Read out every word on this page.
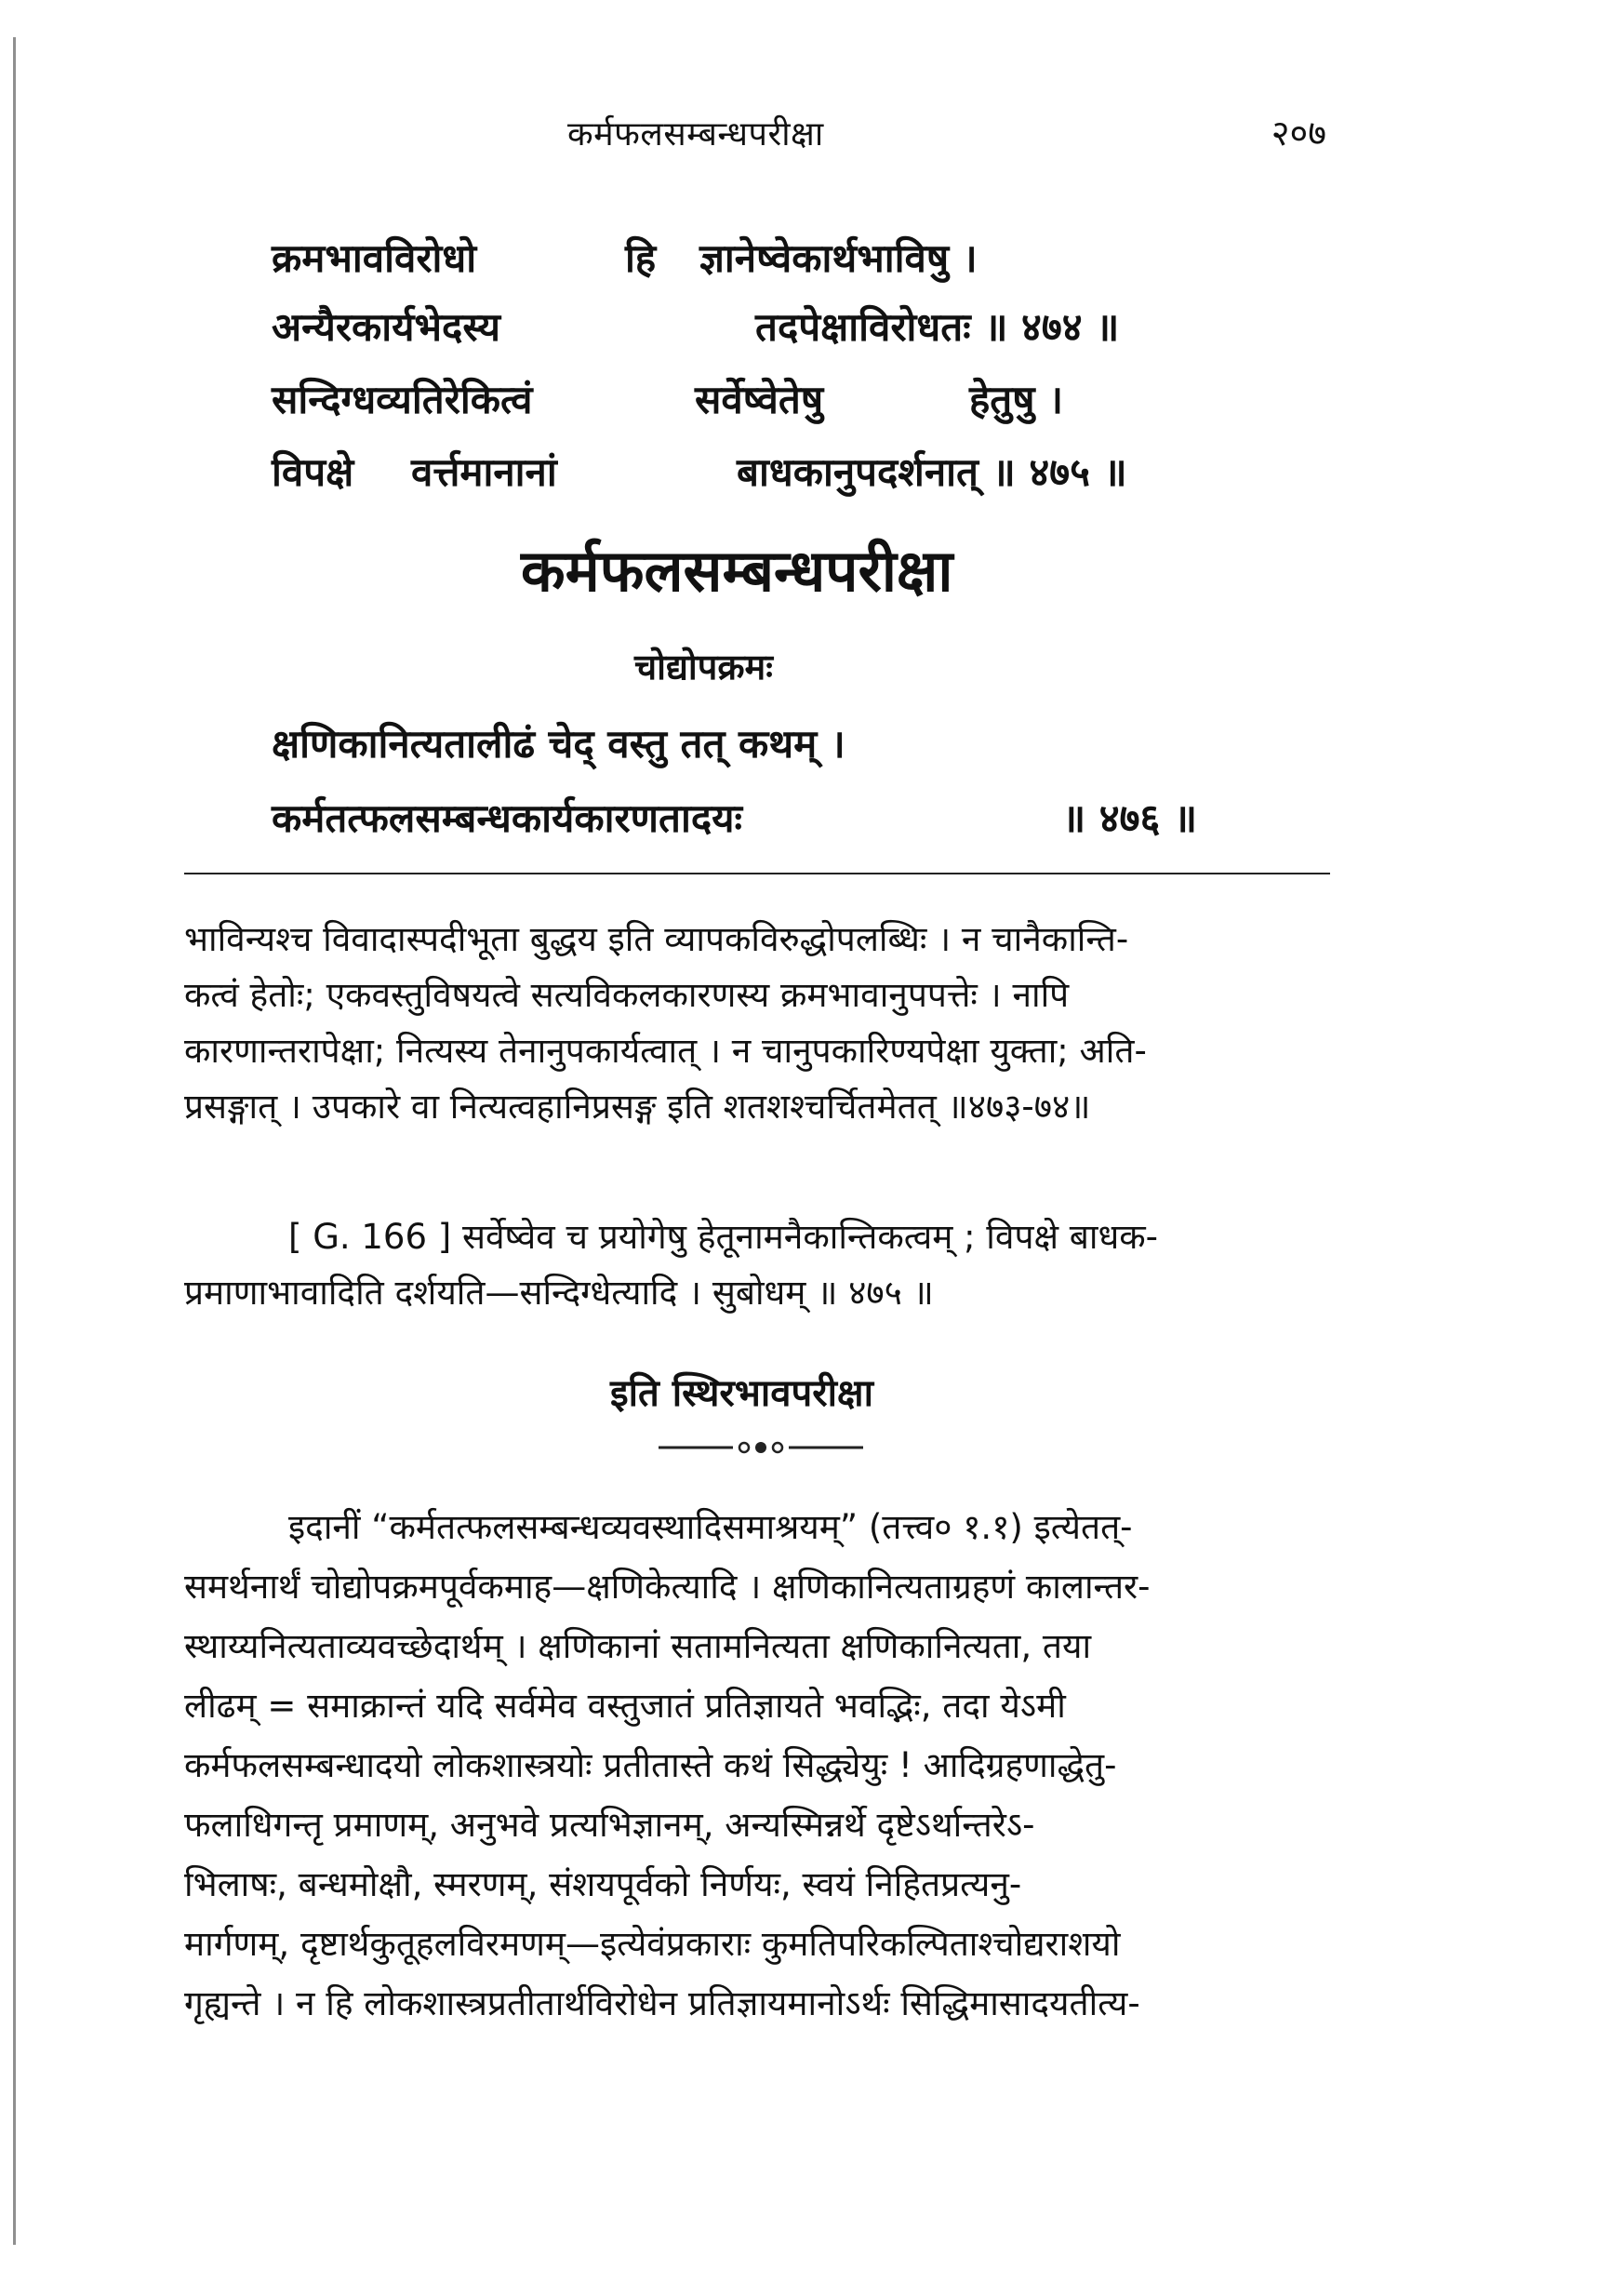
कर्मफलसम्बन्धपरीक्षा	२०७
क्रमभावविरोधो	हि ज्ञानेष्वेकार्थभाविषु ।
अन्यैरकार्यभेदस्य	तदपेक्षाविरोधतः ॥ ४७४ ॥
सन्दिग्धव्यतिरेकित्वं	सर्वेष्वेतेषु	हेतुषु ।
विपक्षे वर्त्तमानानां	बाधकानुपदर्शनात् ॥ ४७५ ॥
कर्मफलसम्बन्धपरीक्षा
चोद्योपक्रमः
क्षणिकानित्यतालीढं चेद् वस्तु तत् कथम् ।
कर्मतत्फलसम्बन्धकार्यकारणतादयः	॥ ४७६ ॥
भाविन्यश्च विवादास्पदीभूता बुद्धय इति व्यापकविरुद्धोपलब्धिः । न चानैकान्ति-
कत्वं हेतोः; एकवस्तुविषयत्वे सत्यविकलकारणस्य क्रमभावानुपपत्तेः । नापि
कारणान्तरापेक्षा; नित्यस्य तेनानुपकार्यत्वात् । न चानुपकारिण्यपेक्षा युक्ता; अति-
प्रसङ्गात् । उपकारे वा नित्यत्वहानिप्रसङ्ग इति शतशश्चर्चितमेतत् ॥४७३-७४॥
[ G. 166 ] सर्वेष्वेव च प्रयोगेषु हेतूनामनैकान्तिकत्वम् ; विपक्षे बाधक-
प्रमाणाभावादिति दर्शयति—सन्दिग्धेत्यादि । सुबोधम् ॥ ४७५ ॥
इति स्थिरभावपरीक्षा
इदानीं “कर्मतत्फलसम्बन्धव्यवस्थादिसमाश्रयम्” (तत्त्व० १.१) इत्येतत्-
समर्थनार्थं चोद्योपक्रमपूर्वकमाह—क्षणिकेत्यादि । क्षणिकानित्यताग्रहणं कालान्तर-
स्थाय्यनित्यताव्यवच्छेदार्थम् । क्षणिकानां सतामनित्यता क्षणिकानित्यता, तया
लीढम् = समाक्रान्तं यदि सर्वमेव वस्तुजातं प्रतिज्ञायते भवद्भिः, तदा येऽमी
कर्मफलसम्बन्धादयो लोकशास्त्रयोः प्रतीतास्ते कथं सिद्ध्येयुः ! आदिग्रहणाद्धेतु-
फलाधिगन्तृ प्रमाणम्, अनुभवे प्रत्यभिज्ञानम्, अन्यस्मिन्नर्थे दृष्टेऽर्थान्तरेऽ-
भिलाषः, बन्धमोक्षौ, स्मरणम्, संशयपूर्वको निर्णयः, स्वयं निहितप्रत्यनु-
मार्गणम्, दृष्टार्थकुतूहलविरमणम्—इत्येवंप्रकाराः कुमतिपरिकल्पिताश्चोद्यराशयो
गृह्यन्ते । न हि लोकशास्त्रप्रतीतार्थविरोधेन प्रतिज्ञायमानोऽर्थः सिद्धिमासादयतीत्य-
